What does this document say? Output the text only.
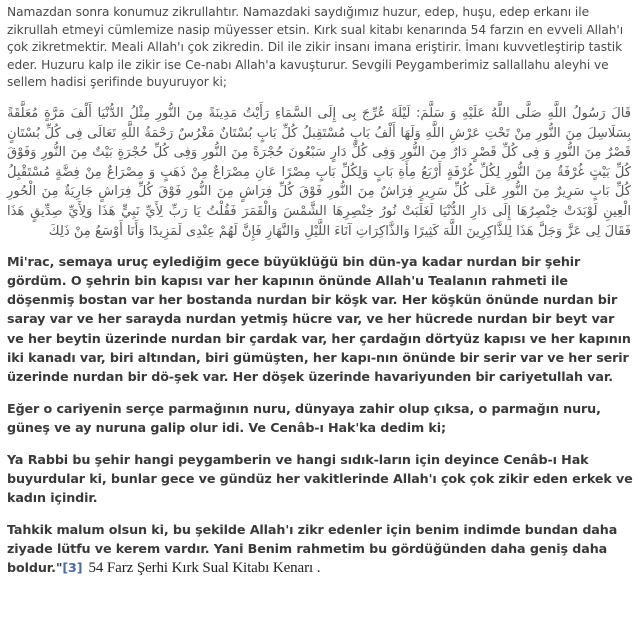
Namazdan sonra konumuz zikrullahtır. Namazdaki saydığımız huzur, edep, huşu, edep erkanı ile zikrullah etmeyi cümlemize nasip müyesser etsin. Kırk sual kitabı kenarında 54 farzın en evveli Allah'ı çok zikretmektir. Meali Allah'ı çok zikredin. Dil ile zikir insanı imana eriştirir. İmanı kuvvetleştirip tastik eder. Huzuru kalp ile zikir ise Ce-nabı Allah'a kavuşturur. Sevgili Peygamberimiz sallallahu aleyhi ve sellem hadisi şerifinde buyuruyor ki;

قَالَ رَسُولُ اللَّهِ صَلَّى اللَّهُ عَلَيْهِ وَ سَلَّمَ: لَيْلَةَ عُرِّجَ بِى إِلَى السَّمَاءِ رَأَيْتُ مَدِينَةً مِنَ النُّورِ مِثْلُ الدُّنْيَا أَلْفَ مَرَّةٍ مُعَلَّقَةً بِسَلَاسِلَ مِنَ النُّورِ مِنْ تَحْتِ عَرْشِ اللَّهِ وَلَهَا أَلْفُ بَابٍ مُسْتَقِبلُ كُلِّ بَابٍ بُسْتَانٌ مَغْرُسٌ رَحْمَةُ اللَّهِ تَعَالَى فِى كُلِّ بُسْتَانٍ قَصْرٌ مِنَ النُّورِ وَ فِى كُلِّ قَصْرٍ دَارٌ مِنَ النُّورِ وَفِى كُلِّ دَارٍ سَبْعُونَ حُجْرَةً مِنَ النُّورِ وَفِى كُلِّ حُجْرَةٍ بَيْتٌ مِنَ النُّورِ وَفَوْقَ كُلِّ بَيْتٍ غُرْفَةٌ مِنَ النُّورِ لِكُلِّ غُرْفَةٍ أَرْبَعُ مِأَةِ بَابٍ وَلِكُلِّ بَابٍ مِصْرًا عَانِ مِصْرَاعٌ مِنْ ذَهَبٍ وَ مِصْرَاعٌ مِنْ فِضَّةٍ مُسْتَقْبِلُ كُلِّ بَابٍ سَرِيرٌ مِنَ النُّورِ عَلَى كُلِّ سَرِيرٍ فِرَاشٌ مِنَ النُّورِ فَوْقَ كُلِّ فِرَاشٍ مِنَ النُّورِ فَوْقَ كُلِّ فِرَاشٍ جَارِيَةٌ مِنَ الْحُورِ الْعِينِ لَوْبَدَتْ خِنْصِرُهَا إِلَى دَارِ الدُّنْيَا لَغَلَبَتْ نُورُ خِنْصِرِهَا الشَّمْسَ وَالْقَمَرَ فَقُلْتُ يَا رَبِّ لِأَيِّ نَبِيٍّ هَذَا وَلِأَيِّ صِدِّيقٍ هَذَا فَقَالَ لِى عَزَّ وَجَلَّ هَذَا لِلذَّاكِرِينَ اللَّهَ كَثِيرًا وَالذَّاكِرَاتِ آنَاءَ اللَّيْلِ وَالنَّهَارِ فَإِنَّ لَهُمْ عِنْدِى لَمَزِيدًا وَأَنَا أَوْسَعُ مِنْ ذَلِكَ

Mi'rac, semaya uruç eylediğim gece büyüklüğü bin dün-ya kadar nurdan bir şehir gördüm. O şehrin bin kapısı var her kapının önünde Allah'u Tealanın rahmeti ile döşenmiş bostan var her bostanda nurdan bir köşk var. Her köşkün önünde nurdan bir saray var ve her sarayda nurdan yetmiş hücre var, ve her hücrede nurdan bir beyt var ve her beytin üzerinde nurdan bir çardak var, her çardağın dörtyüz kapısı ve her kapının iki kanadı var, biri altından, biri gümüşten, her kapı-nın önünde bir serir var ve her serir üzerinde nurdan bir dö-şek var. Her döşek üzerinde havariyunden bir cariyetullah var.

Eğer o cariyenin serçe parmağının nuru, dünyaya zahir olup çıksa, o parmağın nuru, güneş ve ay nuruna galip olur idi. Ve Cenâb-ı Hak'ka dedim ki;

Ya Rabbi bu şehir hangi peygamberin ve hangi sıdık-ların için deyince Cenâb-ı Hak buyurdular ki, bunlar gece ve gündüz her vakitlerinde Allah'ı çok çok zikir eden erkek ve kadın içindir.

Tahkik malum olsun ki, bu şekilde Allah'ı zikr edenler için benim indimde bundan daha ziyade lütfu ve kerem vardır. Yani Benim rahmetim bu gördüğünden daha geniş daha boldur."[3] 54 Farz Şerhi Kırk Sual Kitabı Kenarı .
